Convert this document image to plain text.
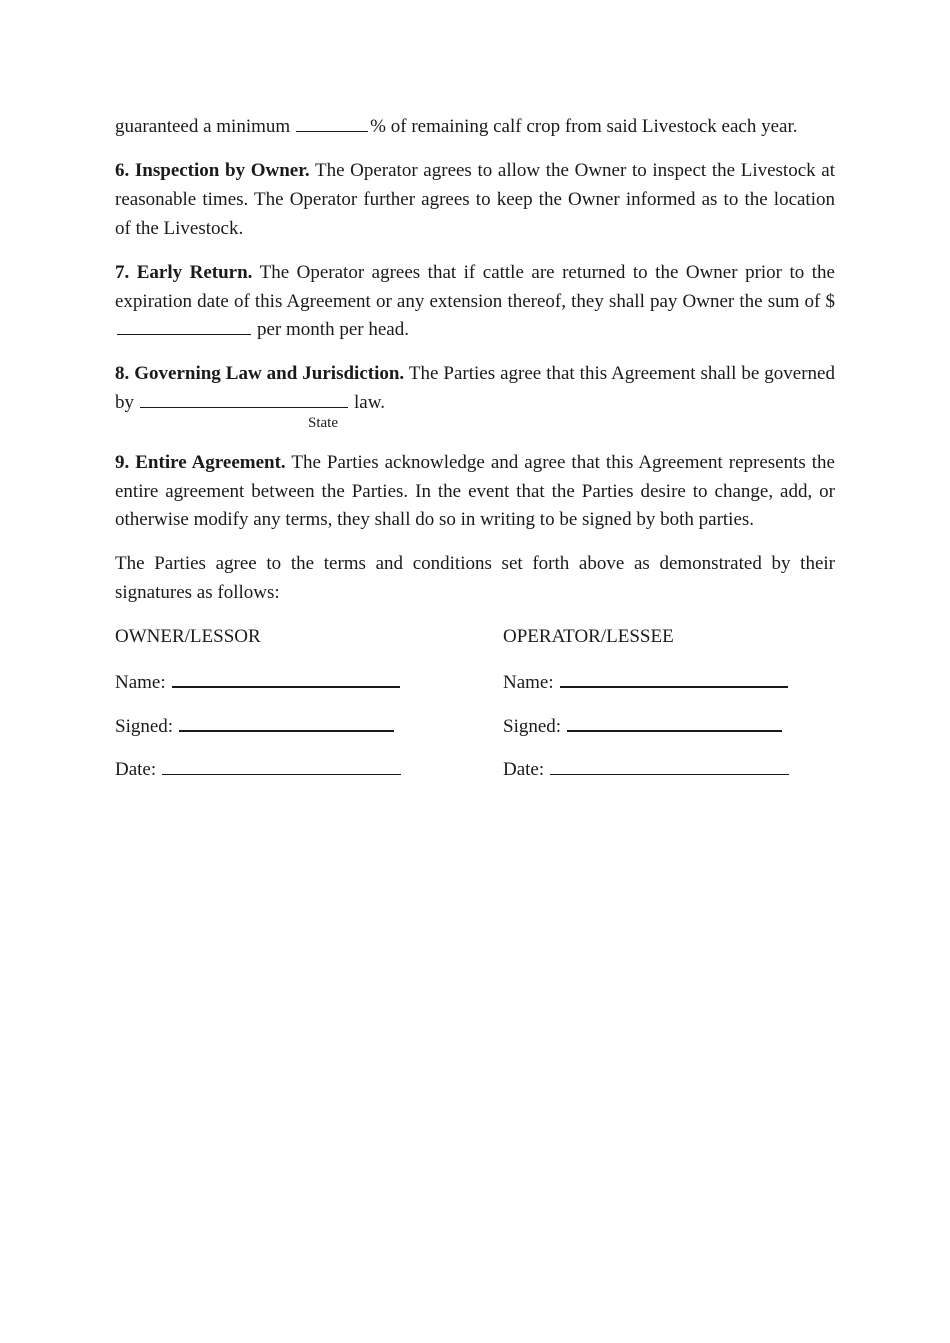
guaranteed a minimum	% of remaining calf crop from said Livestock each year.

6. Inspection by Owner. The Operator agrees to allow the Owner to inspect the Livestock at reasonable times. The Operator further agrees to keep the Owner informed as to the location of the Livestock.

7. Early Return. The Operator agrees that if cattle are returned to the Owner prior to the expiration date of this Agreement or any extension thereof, they shall pay Owner the sum of $per month per head.

8. Governing Law and Jurisdiction. The Parties agree that this Agreement shall be governed by	law.

State

9. Entire Agreement. The Parties acknowledge and agree that this Agreement represents the entire agreement between the Parties. In the event that the Parties desire to change, add, or otherwise modify any terms, they shall do so in writing to be signed by both parties.

The Parties agree to the terms and conditions set forth above as demonstrated by their signatures as follows:

OWNER/LESSOR
Name:
Signed:
Date:
OPERATOR/LESSEE
Name:
Signed:
Date:
